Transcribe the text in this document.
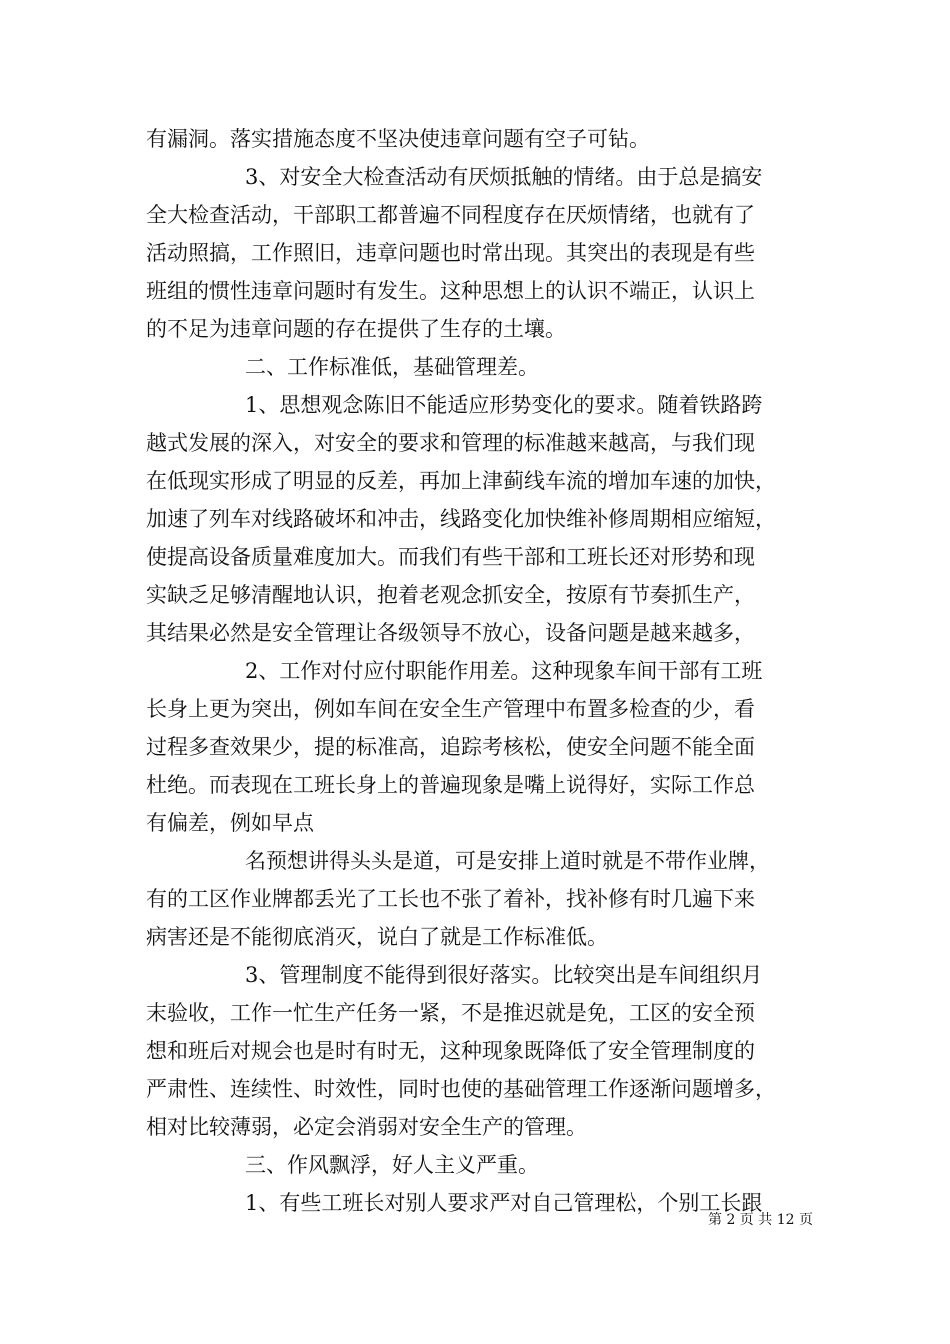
有漏洞。落实措施态度不坚决使违章问题有空子可钻。

3、对安全大检查活动有厌烦抵触的情绪。由于总是搞安

全大检查活动，干部职工都普遍不同程度存在厌烦情绪，也就有了

活动照搞，工作照旧，违章问题也时常出现。其突出的表现是有些

班组的惯性违章问题时有发生。这种思想上的认识不端正，认识上

的不足为违章问题的存在提供了生存的土壤。

二、工作标准低，基础管理差。

1、思想观念陈旧不能适应形势变化的要求。随着铁路跨

越式发展的深入，对安全的要求和管理的标准越来越高，与我们现

在低现实形成了明显的反差，再加上津蓟线车流的增加车速的加快，

加速了列车对线路破坏和冲击，线路变化加快维补修周期相应缩短，

使提高设备质量难度加大。而我们有些干部和工班长还对形势和现

实缺乏足够清醒地认识，抱着老观念抓安全，按原有节奏抓生产，

其结果必然是安全管理让各级领导不放心，设备问题是越来越多，

2、工作对付应付职能作用差。这种现象车间干部有工班

长身上更为突出，例如车间在安全生产管理中布置多检查的少，看

过程多查效果少，提的标准高，追踪考核松，使安全问题不能全面

杜绝。而表现在工班长身上的普遍现象是嘴上说得好，实际工作总

有偏差，例如早点

名预想讲得头头是道，可是安排上道时就是不带作业牌，

有的工区作业牌都丢光了工长也不张了着补，找补修有时几遍下来

病害还是不能彻底消灭，说白了就是工作标准低。

3、管理制度不能得到很好落实。比较突出是车间组织月

末验收，工作一忙生产任务一紧，不是推迟就是免，工区的安全预

想和班后对规会也是时有时无，这种现象既降低了安全管理制度的

严肃性、连续性、时效性，同时也使的基础管理工作逐渐问题增多，

相对比较薄弱，必定会消弱对安全生产的管理。

三、作风飘浮，好人主义严重。

1、有些工班长对别人要求严对自己管理松，个别工长跟

第 2 页 共 12 页
